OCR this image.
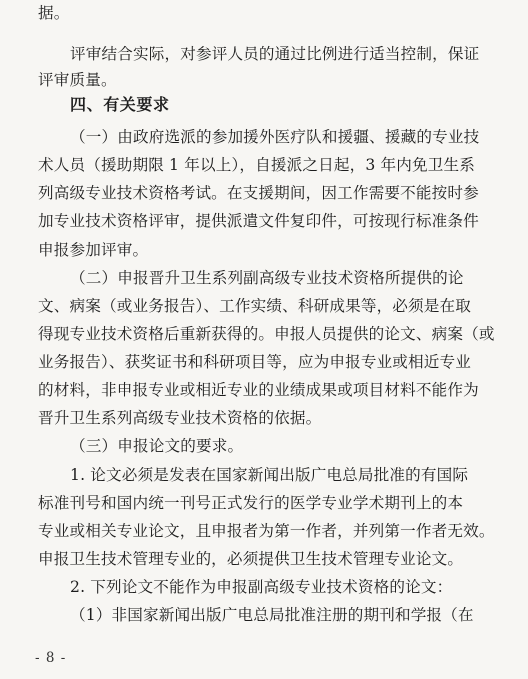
据。
评审结合实际，对参评人员的通过比例进行适当控制，保证
评审质量。
四、有关要求
（一）由政府选派的参加援外医疗队和援疆、援藏的专业技
术人员（援助期限 1 年以上），自援派之日起，3 年内免卫生系
列高级专业技术资格考试。在支援期间，因工作需要不能按时参
加专业技术资格评审，提供派遣文件复印件，可按现行标准条件
申报参加评审。
（二）申报晋升卫生系列副高级专业技术资格所提供的论
文、病案（或业务报告）、工作实绩、科研成果等，必须是在取
得现专业技术资格后重新获得的。申报人员提供的论文、病案（或
业务报告）、获奖证书和科研项目等，应为申报专业或相近专业
的材料，非申报专业或相近专业的业绩成果或项目材料不能作为
晋升卫生系列高级专业技术资格的依据。
（三）申报论文的要求。
1. 论文必须是发表在国家新闻出版广电总局批准的有国际
标准刊号和国内统一刊号正式发行的医学专业学术期刊上的本
专业或相关专业论文，且申报者为第一作者，并列第一作者无效。
申报卫生技术管理专业的，必须提供卫生技术管理专业论文。
2. 下列论文不能作为申报副高级专业技术资格的论文：
（1）非国家新闻出版广电总局批准注册的期刊和学报（在
- 8 -
